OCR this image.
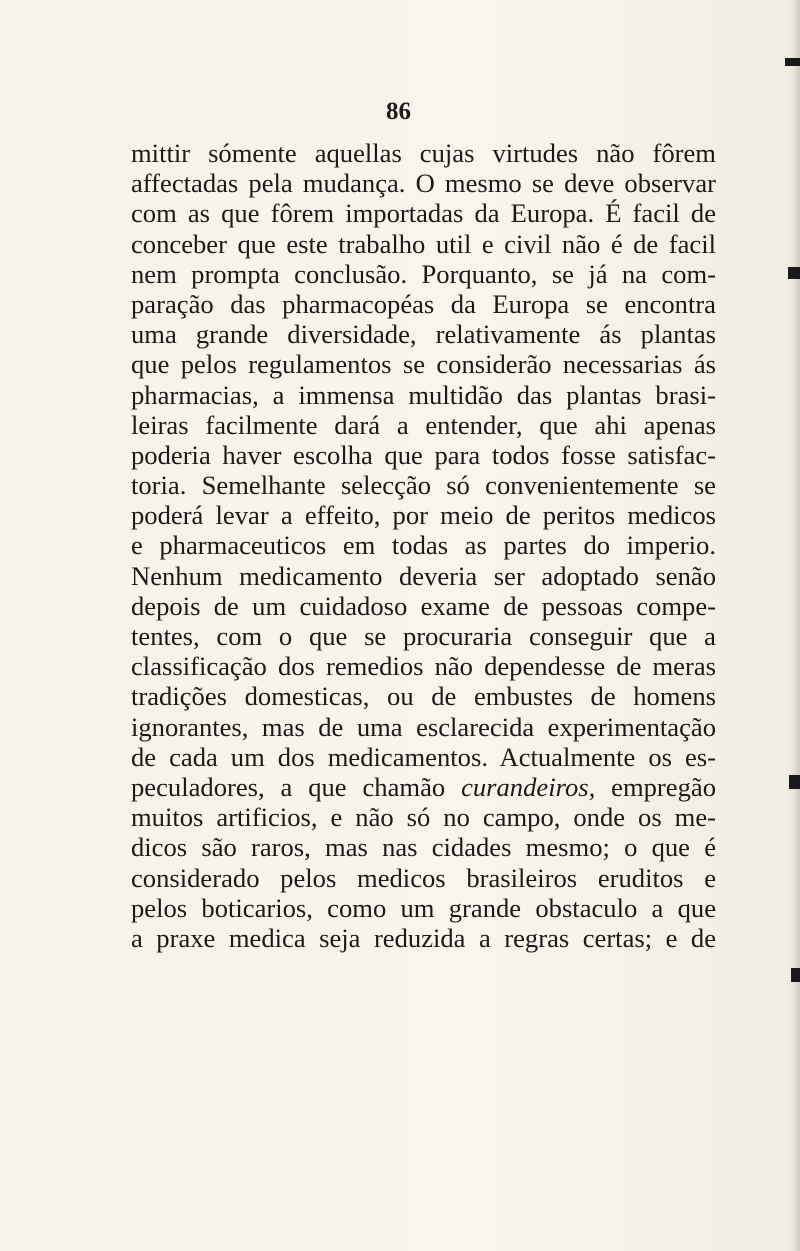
86
mittir sómente aquellas cujas virtudes não fôrem
affectadas pela mudança. O mesmo se deve observar
com as que fôrem importadas da Europa. É facil de
conceber que este trabalho util e civil não é de facil
nem prompta conclusão. Porquanto, se já na com-
paração das pharmacopéas da Europa se encontra
uma grande diversidade, relativamente ás plantas
que pelos regulamentos se considerão necessarias ás
pharmacias, a immensa multidão das plantas brasi-
leiras facilmente dará a entender, que ahi apenas
poderia haver escolha que para todos fosse satisfac-
toria. Semelhante selecção só convenientemente se
poderá levar a effeito, por meio de peritos medicos
e pharmaceuticos em todas as partes do imperio.
Nenhum medicamento deveria ser adoptado senão
depois de um cuidadoso exame de pessoas compe-
tentes, com o que se procuraria conseguir que a
classificação dos remedios não dependesse de meras
tradições domesticas, ou de embustes de homens
ignorantes, mas de uma esclarecida experimentação
de cada um dos medicamentos. Actualmente os es-
peculadores, a que chamão curandeiros, empregão
muitos artificios, e não só no campo, onde os me-
dicos são raros, mas nas cidades mesmo; o que é
considerado pelos medicos brasileiros eruditos e
pelos boticarios, como um grande obstaculo a que
a praxe medica seja reduzida a regras certas; e de
